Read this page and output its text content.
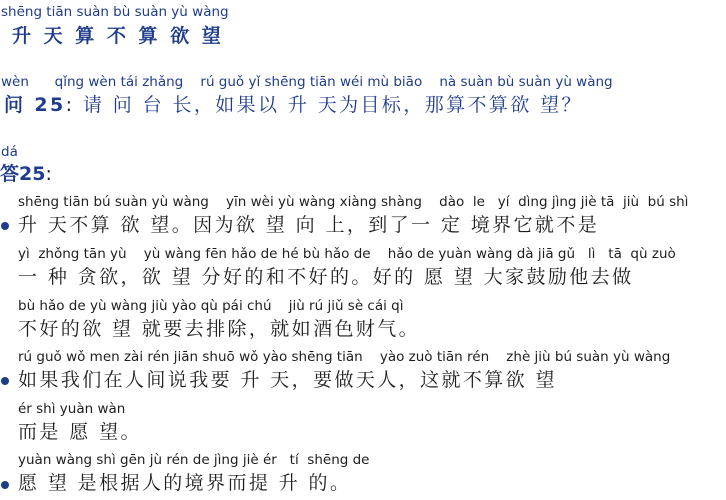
shēng tiān suàn bù suàn yù wàng
升 天 算 不 算 欲 望
wèn      qǐng wèn tái zhǎng    rú guǒ yǐ shēng tiān wéi mù biāo    nà suàn bù suàn yù wàng
问 25: 请 问 台 长，如果以 升 天为目标，那算不算欲 望？
dá
答25:
shēng tiān bú suàn yù wàng    yīn wèi yù wàng xiàng shàng    dào  le   yí  dìng jìng jiè tā  jiù  bú shì
升 天不算 欲 望。因为欲 望 向 上，到了一 定 境界它就不是
yì  zhǒng tān yù    yù wàng fēn hǎo de hé bù hǎo de    hǎo de yuàn wàng dà jiā gǔ   lì   tā  qù zuò
一 种 贪欲，欲 望 分好的和不好的。好的 愿 望 大家鼓励他去做
bù hǎo de yù wàng jiù yào qù pái chú    jiù rú jiǔ sè cái qì
不好的欲 望 就要去排除，就如酒色财气。
rú guǒ wǒ men zài rén jiān shuō wǒ yào shēng tiān    yào zuò tiān rén    zhè jiù bú suàn yù wàng
如果我们在人间说我要 升 天，要做天人，这就不算欲 望
ér shì yuàn wàn
而是 愿 望。
yuàn wàng shì gēn jù rén de jìng jiè ér   tí  shēng de
愿 望 是根据人的境界而提 升 的。
